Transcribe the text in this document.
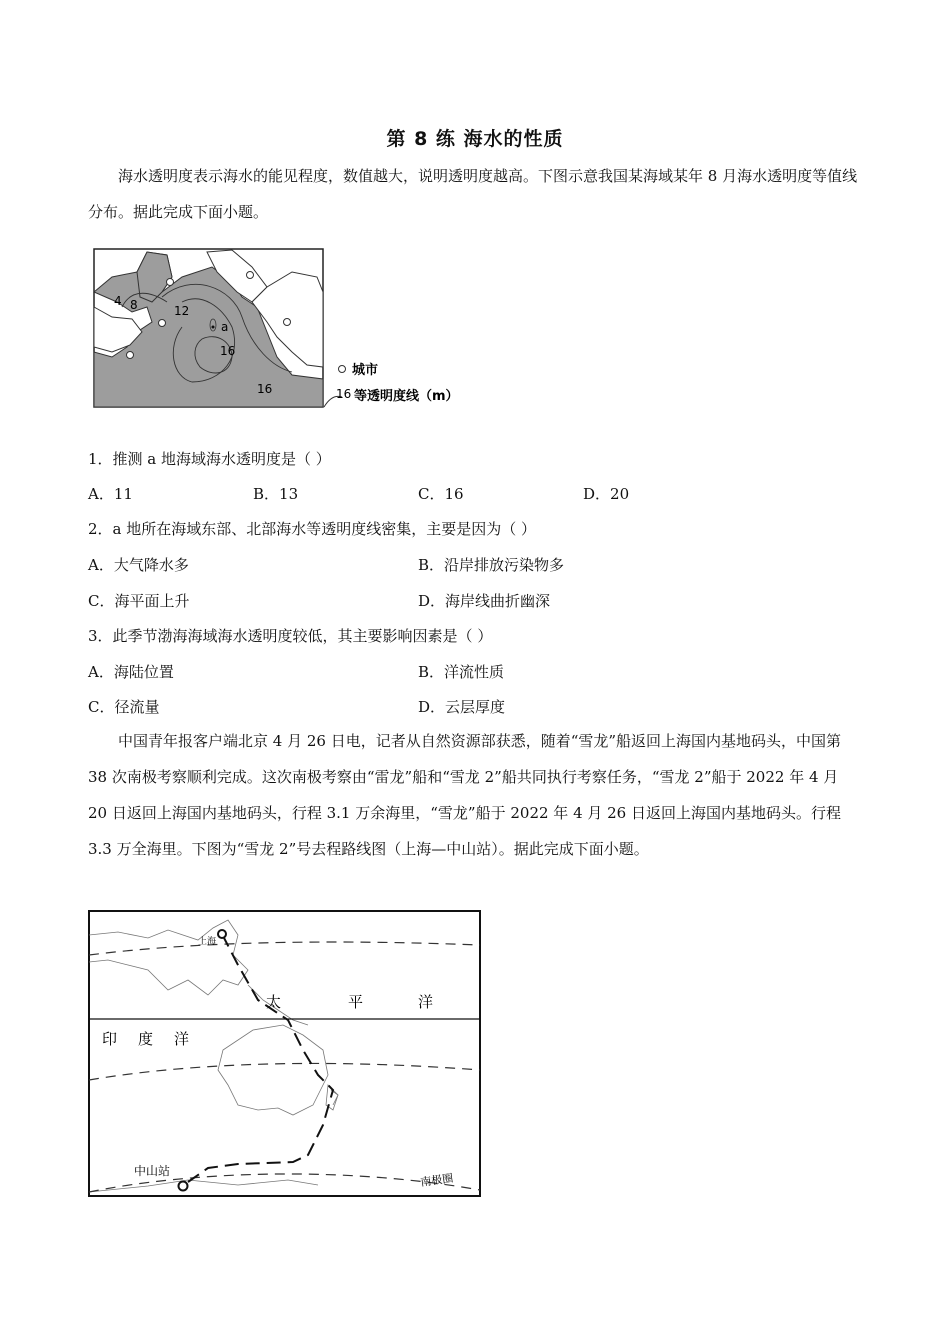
第 8 练 海水的性质
海水透明度表示海水的能见程度，数值越大，说明透明度越高。下图示意我国某海域某年 8 月海水透明度等值线分布。据此完成下面小题。
4 8	12
a
16
16
城市
16 等透明度线（m）
1．推测 a 地海域海水透明度是（ ）
A．11	B．13	C．16	D．20
2．a 地所在海域东部、北部海水等透明度线密集，主要是因为（ ）
A．大气降水多	B．沿岸排放污染物多
C．海平面上升	D．海岸线曲折幽深
3．此季节渤海海域海水透明度较低，其主要影响因素是（ ）
A．海陆位置	B．洋流性质
C．径流量	D．云层厚度
中国青年报客户端北京 4 月 26 日电，记者从自然资源部获悉，随着“雪龙”船返回上海国内基地码头，中国第 38 次南极考察顺利完成。这次南极考察由“雷龙”船和“雪龙 2”船共同执行考察任务，“雪龙 2”船于 2022 年 4 月 20 日返回上海国内基地码头，行程 3.1 万余海里，“雪龙”船于 2022 年 4 月 26 日返回上海国内基地码头。行程 3.3 万全海里。下图为“雪龙 2”号去程路线图（上海—中山站）。据此完成下面小题。
上海
太	平	洋
印 度 洋
中山站
南极圈
